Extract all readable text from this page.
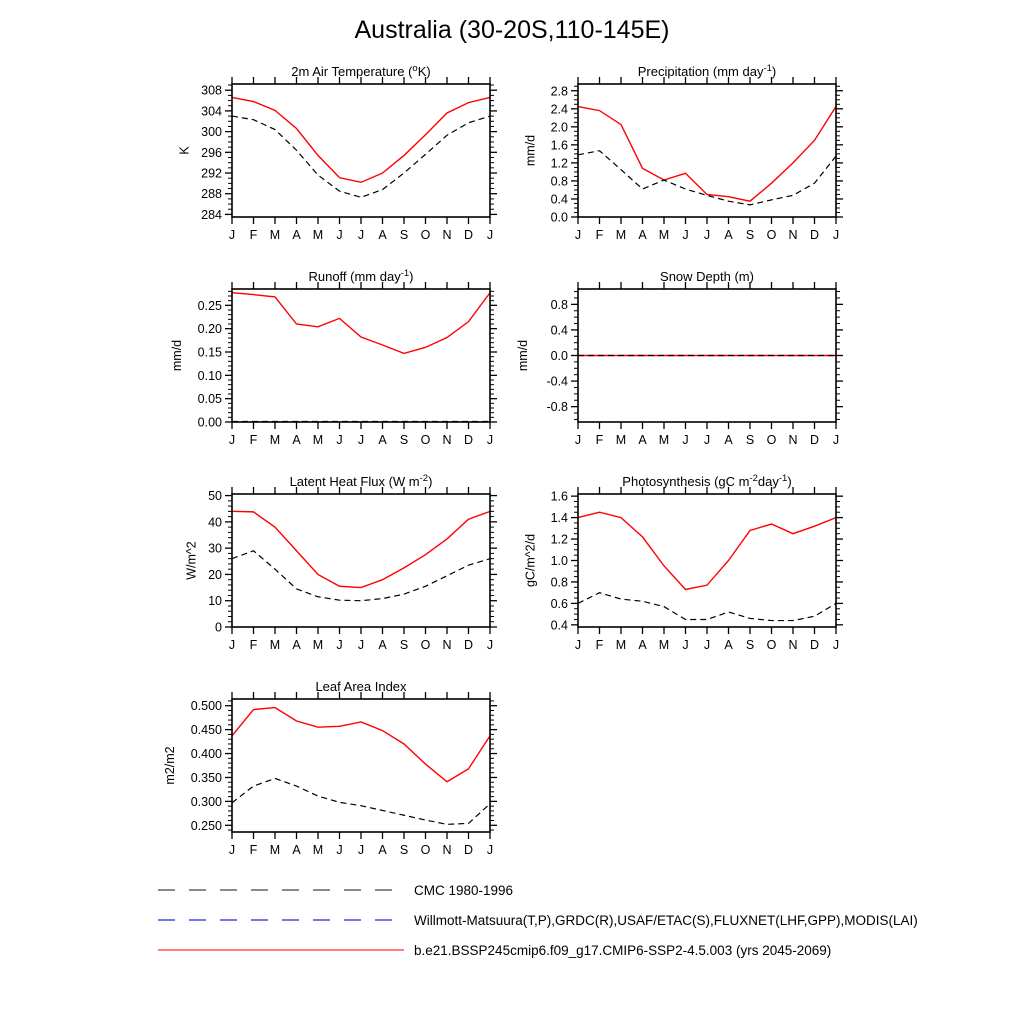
Australia (30-20S,110-145E)
284
288
292
296
300
304
308
J F M A M J J A S O N D J
2m Air Temperature ($^o$K)
K
0.0
0.4
0.8
1.2
1.6
2.0
2.4
2.8
J F M A M J J A S O N D J
Precipitation (mm day$^{-1}$)
mm/d
0.00
0.05
0.10
0.15
0.20
0.25
J F M A M J J A S O N D J
Runoff (mm day$^{-1}$)
mm/d
-0.8
-0.4
0.0
0.4
0.8
J F M A M J J A S O N D J
Snow Depth (m)
mm/d
0
10
20
30
40
50
J F M A M J J A S O N D J
Latent Heat Flux (W $m^{-2}$)
W/m^2
0.4
0.6
0.8
1.0
1.2
1.4
1.6
J F M A M J J A S O N D J
Photosynthesis (gC $m^{-2}day^{-1}$)
gC/m^2/d
0.250
0.300
0.350
0.400
0.450
0.500
J F M A M J J A S O N D J
Leaf Area Index
m2/m2
CMC 1980-1996
Willmott-Matsuura(T,P),GRDC(R),USAF/ETAC(S),FLUXNET(LHF,GPP),MODIS(LAI)
b.e21.BSSP245cmip6.f09_g17.CMIP6-SSP2-4.5.003 (yrs 2045-2069)
